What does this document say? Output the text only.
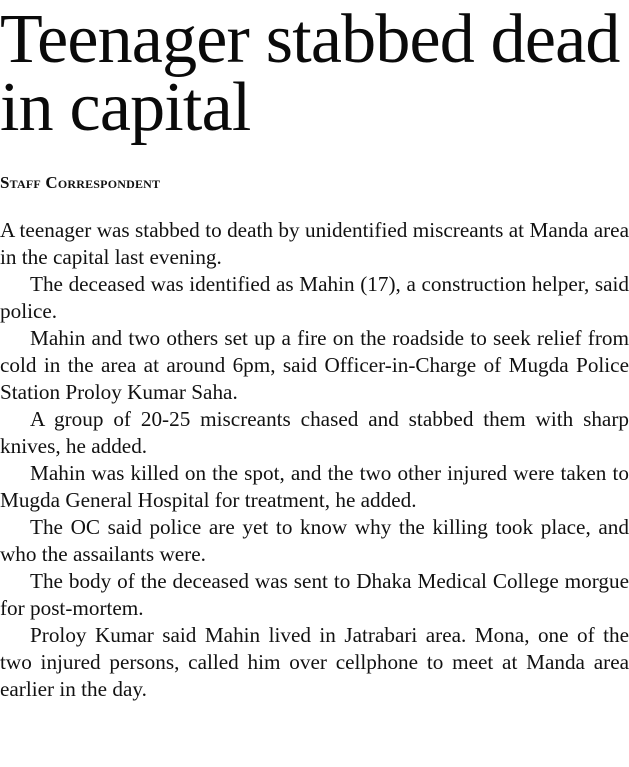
Teenager stabbed dead in capital
Staff Correspondent

A teenager was stabbed to death by unidentified miscreants at Manda area in the capital last evening.

The deceased was identified as Mahin (17), a construction helper, said police.

Mahin and two others set up a fire on the roadside to seek relief from cold in the area at around 6pm, said Officer-in-Charge of Mugda Police Station Proloy Kumar Saha.

A group of 20-25 miscreants chased and stabbed them with sharp knives, he added.

Mahin was killed on the spot, and the two other injured were taken to Mugda General Hospital for treatment, he added.

The OC said police are yet to know why the killing took place, and who the assailants were.

The body of the deceased was sent to Dhaka Medical College morgue for post-mortem.

Proloy Kumar said Mahin lived in Jatrabari area. Mona, one of the two injured persons, called him over cellphone to meet at Manda area earlier in the day.
